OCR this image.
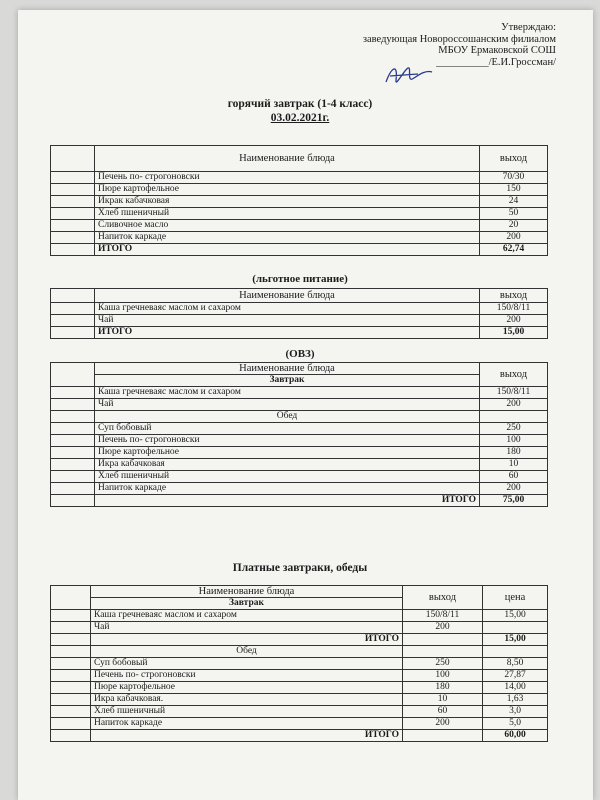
Утверждаю:
заведующая Новороссошанским филиалом
МБОУ Ермаковской СОШ
__________/Е.И.Гроссман/
горячий завтрак (1-4 класс)
03.02.2021г.
	Наименование блюда	выход
	Печень по- строгоновски	70/30
	Пюре картофельное	150
	Икрак кабачковая	24
	Хлеб пшеничный	50
	Сливочное масло	20
	Напиток каркаде	200
	ИТОГО	62,74
(льготное питание)
	Наименование блюда	выход
	Каша гречневаяс маслом и сахаром	150/8/11
	Чай	200
	ИТОГО	15,00
(ОВЗ)
	Наименование блюда	выход
	Завтрак	
	Каша гречневаяс маслом и сахаром	150/8/11
	Чай	200
	Обед	
	Суп бобовый	250
	Печень по- строгоновски	100
	Пюре картофельное	180
	Икра кабачковая	10
	Хлеб пшеничный	60
	Напиток каркаде	200
	ИТОГО	75,00
Платные завтраки, обеды
	Наименование блюда	выход	цена
	Завтрак		
	Каша гречневаяс маслом и сахаром	150/8/11	15,00
	Чай	200	
	ИТОГО		15,00
	Обед		
	Суп бобовый	250	8,50
	Печень по- строгоновски	100	27,87
	Пюре картофельное	180	14,00
	Икра кабачковая.	10	1,63
	Хлеб пшеничный	60	3,0
	Напиток каркаде	200	5,0
	ИТОГО		60,00
